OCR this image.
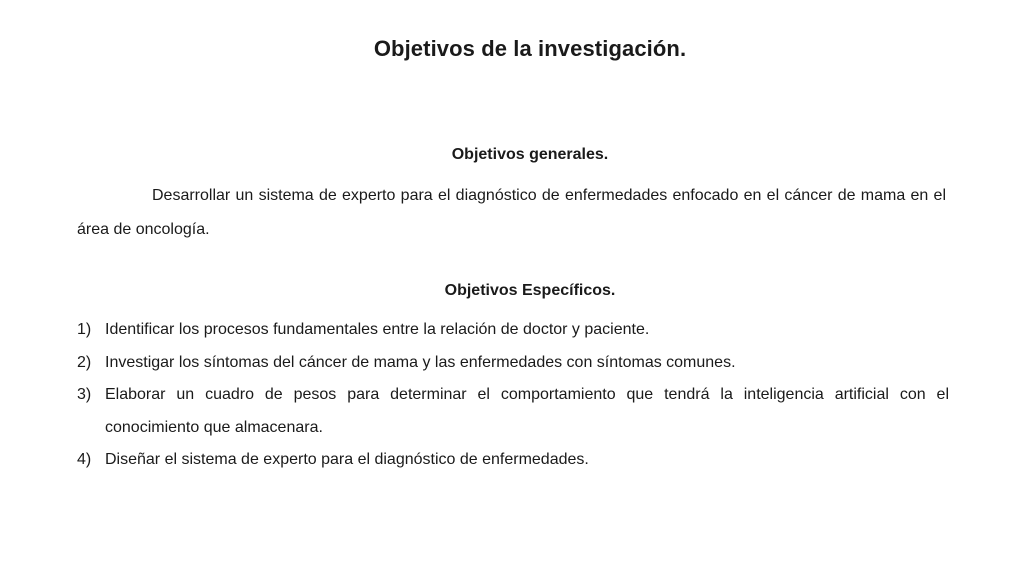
Objetivos de la investigación.
Objetivos generales.

Desarrollar un sistema de experto para el diagnóstico de enfermedades enfocado en el cáncer de mama en el área de oncología.

Objetivos Específicos.
1) Identificar los procesos fundamentales entre la relación de doctor y paciente.
2) Investigar los síntomas del cáncer de mama y las enfermedades con síntomas comunes.
3) Elaborar un cuadro de pesos para determinar el comportamiento que tendrá la inteligencia artificial con el conocimiento que almacenara.
4) Diseñar el sistema de experto para el diagnóstico de enfermedades.
